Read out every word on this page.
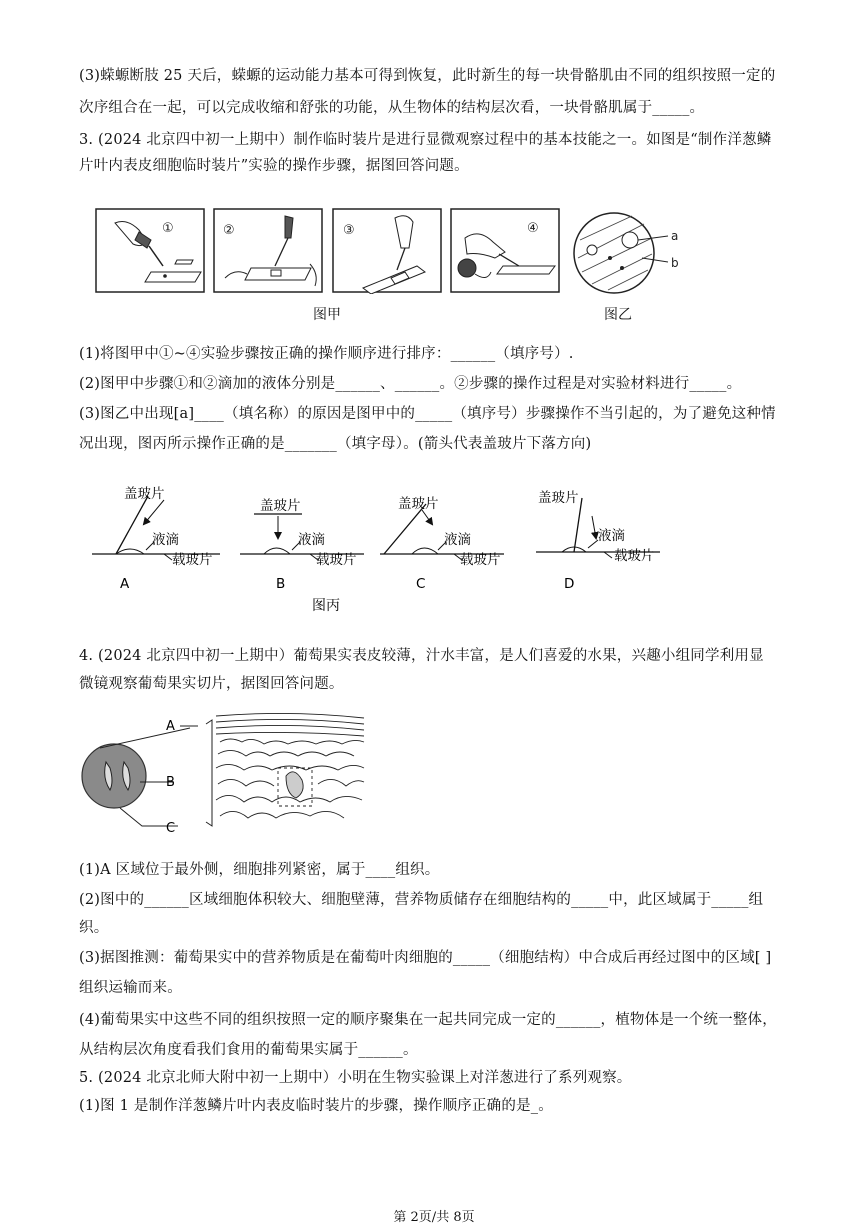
(3)蝾螈断肢 25 天后，蝾螈的运动能力基本可得到恢复，此时新生的每一块骨骼肌由不同的组织按照一定的
次序组合在一起，可以完成收缩和舒张的功能，从生物体的结构层次看，一块骨骼肌属于_____。
3. (2024 北京四中初一上期中）制作临时装片是进行显微观察过程中的基本技能之一。如图是“制作洋葱鳞
片叶内表皮细胞临时装片”实验的操作步骤，据图回答问题。
①	②	③	④
图甲
a
b
图乙
(1)将图甲中①~④实验步骤按正确的操作顺序进行排序：______（填序号）.
(2)图甲中步骤①和②滴加的液体分别是______、______。②步骤的操作过程是对实验材料进行_____。
(3)图乙中出现[a]____（填名称）的原因是图甲中的_____（填序号）步骤操作不当引起的，为了避免这种情
况出现，图丙所示操作正确的是_______（填字母）。(箭头代表盖玻片下落方向)
盖玻片
液滴
载玻片
A
盖玻片
液滴
载玻片
B
盖玻片
液滴
载玻片
C
盖玻片
液滴
载玻片
D
图丙
4. (2024 北京四中初一上期中）葡萄果实表皮较薄，汁水丰富，是人们喜爱的水果，兴趣小组同学利用显
微镜观察葡萄果实切片，据图回答问题。
A
B
C
(1)A 区域位于最外侧，细胞排列紧密，属于____组织。
(2)图中的______区域细胞体积较大、细胞壁薄，营养物质储存在细胞结构的_____中，此区域属于_____组
织。
(3)据图推测：葡萄果实中的营养物质是在葡萄叶肉细胞的_____（细胞结构）中合成后再经过图中的区域[ ]
组织运输而来。
(4)葡萄果实中这些不同的组织按照一定的顺序聚集在一起共同完成一定的______，植物体是一个统一整体，
从结构层次角度看我们食用的葡萄果实属于______。
5. (2024 北京北师大附中初一上期中）小明在生物实验课上对洋葱进行了系列观察。
(1)图 1 是制作洋葱鳞片叶内表皮临时装片的步骤，操作顺序正确的是_。
第 2页/共 8页
